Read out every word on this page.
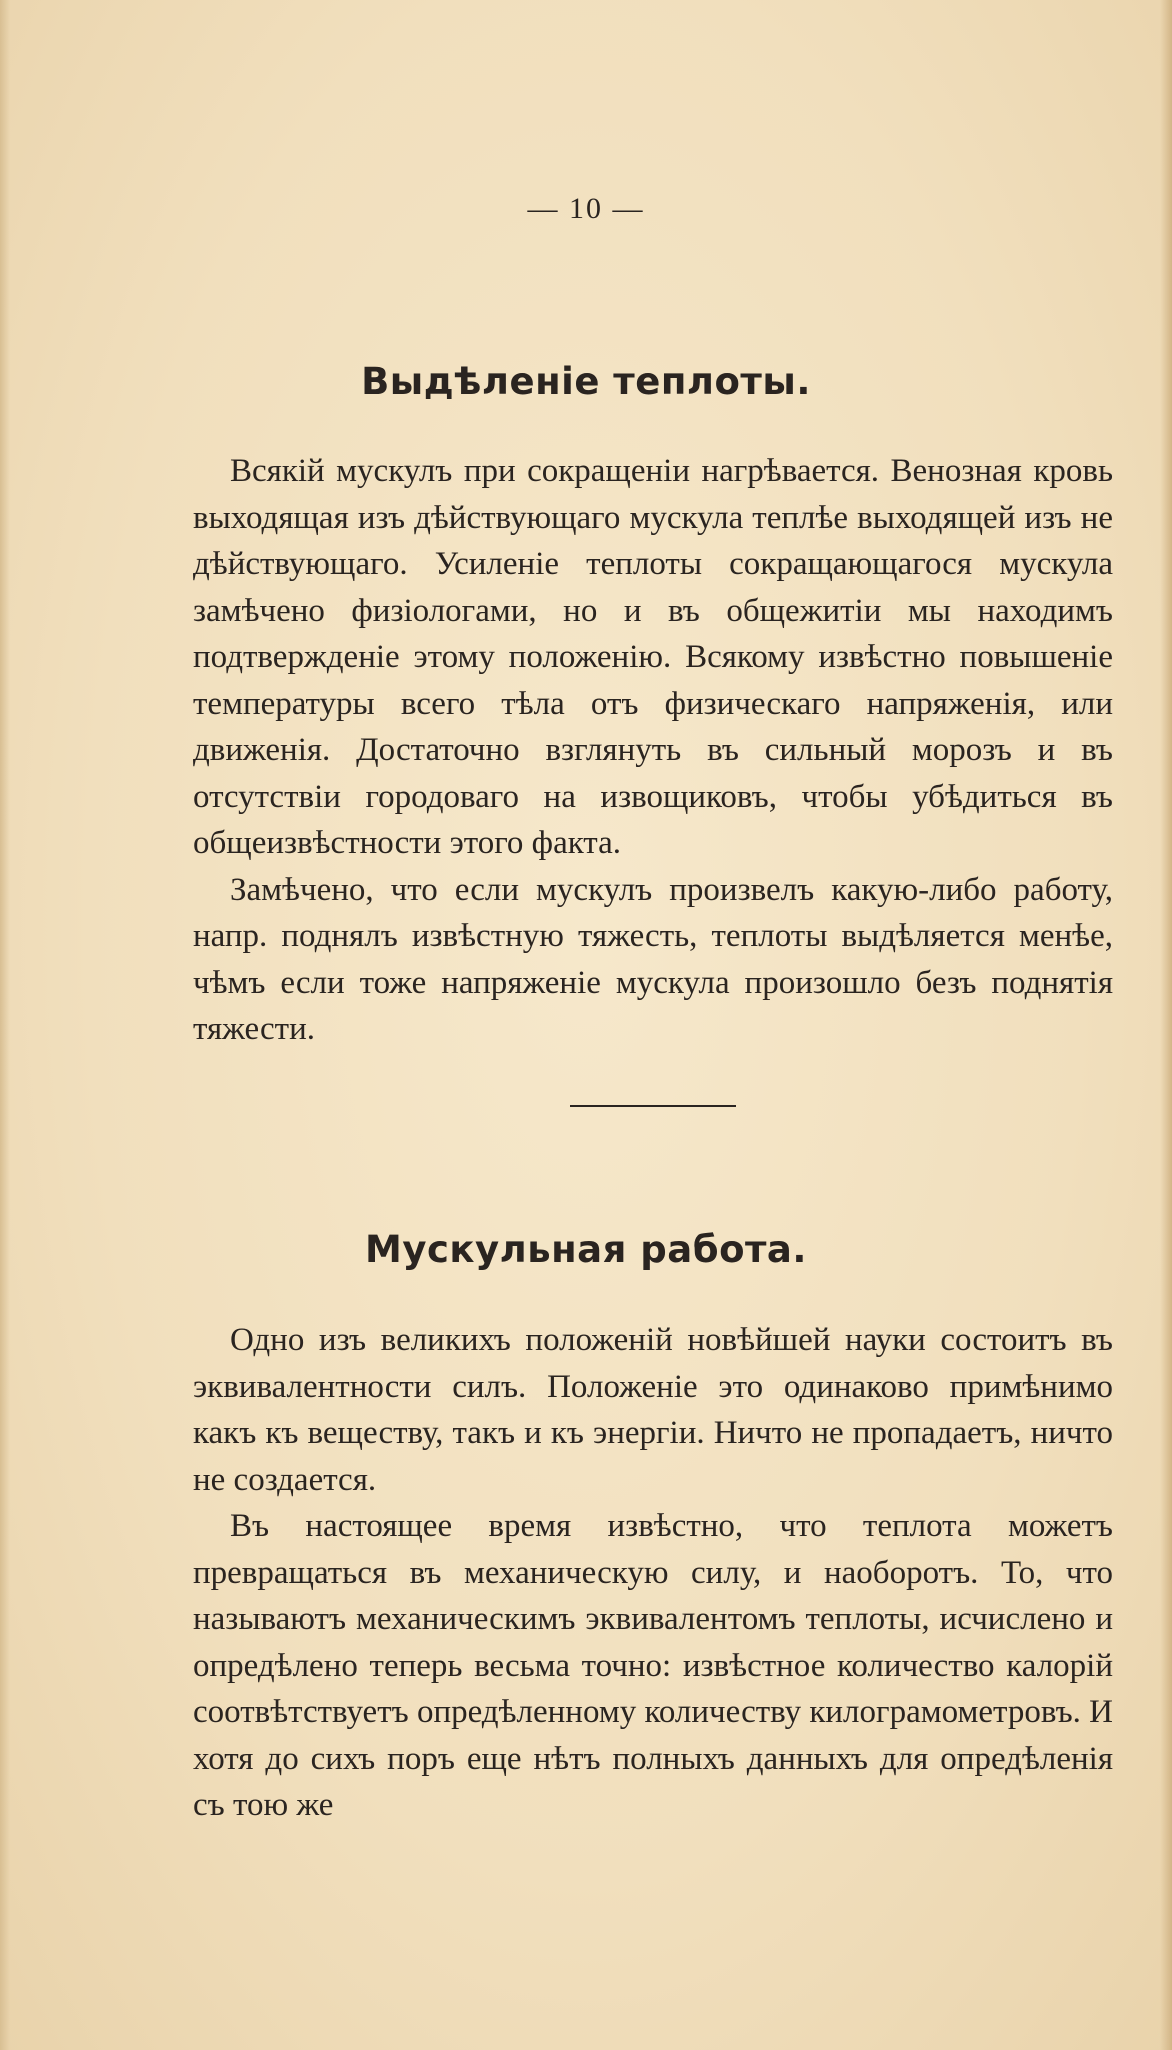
— 10 —
Выдѣленіе теплоты.

Всякій мускулъ при сокращеніи нагрѣвается. Венозная кровь выходящая изъ дѣйствующаго мускула теплѣе выходящей изъ не дѣйствующаго. Усиленіе теплоты сокращающагося мускула замѣчено физіологами, но и въ общежитіи мы находимъ подтвержденіе этому положенію. Всякому извѣстно повышеніе температуры всего тѣла отъ физическаго напряженія, или движенія. Достаточно взглянуть въ сильный морозъ и въ отсутствіи городоваго на извощиковъ, чтобы убѣдиться въ общеизвѣстности этого факта.

Замѣчено, что если мускулъ произвелъ какую-либо работу, напр. поднялъ извѣстную тяжесть, теплоты выдѣляется менѣе, чѣмъ если тоже напряженіе мускула произошло безъ поднятія тяжести.

Мускульная работа.

Одно изъ великихъ положеній новѣйшей науки состоитъ въ эквивалентности силъ. Положеніе это одинаково примѣнимо какъ къ веществу, такъ и къ энергіи. Ничто не пропадаетъ, ничто не создается.

Въ настоящее время извѣстно, что теплота можетъ превращаться въ механическую силу, и наоборотъ. То, что называютъ механическимъ эквивалентомъ теплоты, исчислено и опредѣлено теперь весьма точно: извѣстное количество калорій соотвѣтствуетъ опредѣленному количеству килограмометровъ. И хотя до сихъ поръ еще нѣтъ полныхъ данныхъ для опредѣленія съ тою же
